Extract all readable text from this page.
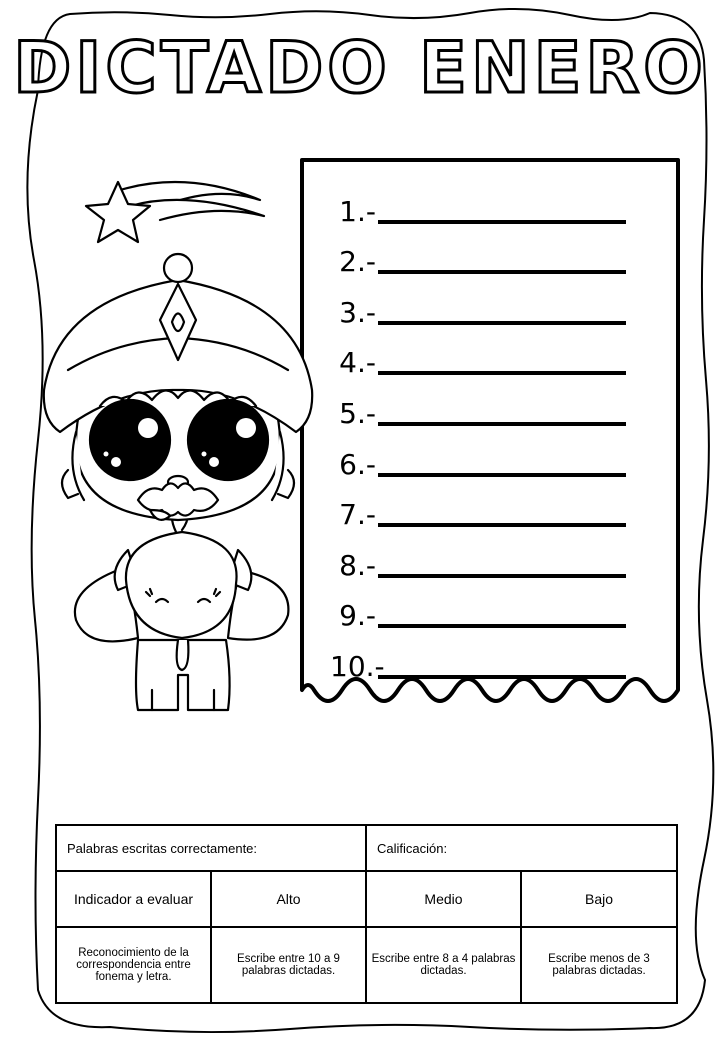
DICTADO ENERO
1.-
2.-
3.-
4.-
5.-
6.-
7.-
8.-
9.-
10.-
Palabras escritas correctamente:		Calificación:	
Indicador a evaluar	Alto	Medio	Bajo
Reconocimiento de la correspondencia entre fonema y letra.	Escribe entre 10 a 9 palabras dictadas.	Escribe entre 8 a 4 palabras dictadas.	Escribe menos de 3 palabras dictadas.
